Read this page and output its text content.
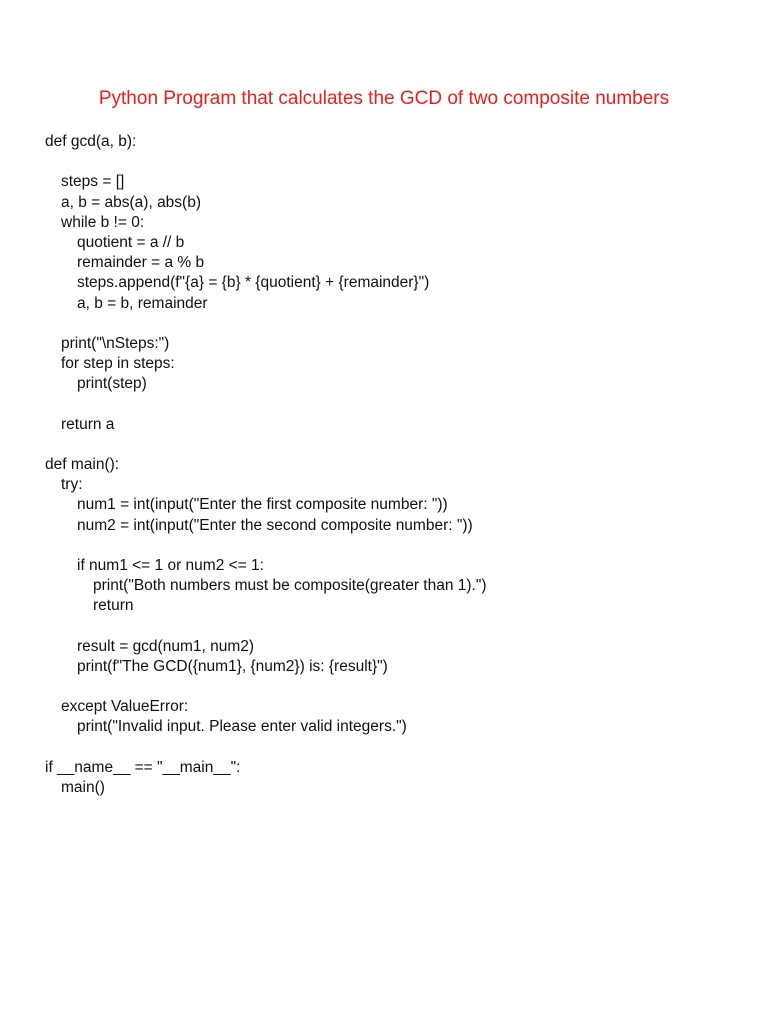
Python Program that calculates the GCD of two composite numbers
def gcd(a, b):
steps = []
a, b = abs(a), abs(b)
while b != 0:
quotient = a // b
remainder = a % b
steps.append(f"{a} = {b} * {quotient} + {remainder}")
a, b = b, remainder
print("\nSteps:")
for step in steps:
print(step)
return a
def main():
try:
num1 = int(input("Enter the first composite number: "))
num2 = int(input("Enter the second composite number: "))
if num1 <= 1 or num2 <= 1:
print("Both numbers must be composite(greater than 1).")
return
result = gcd(num1, num2)
print(f"The GCD({num1}, {num2}) is: {result}")
except ValueError:
print("Invalid input. Please enter valid integers.")
if __name__ == "__main__":
main()
